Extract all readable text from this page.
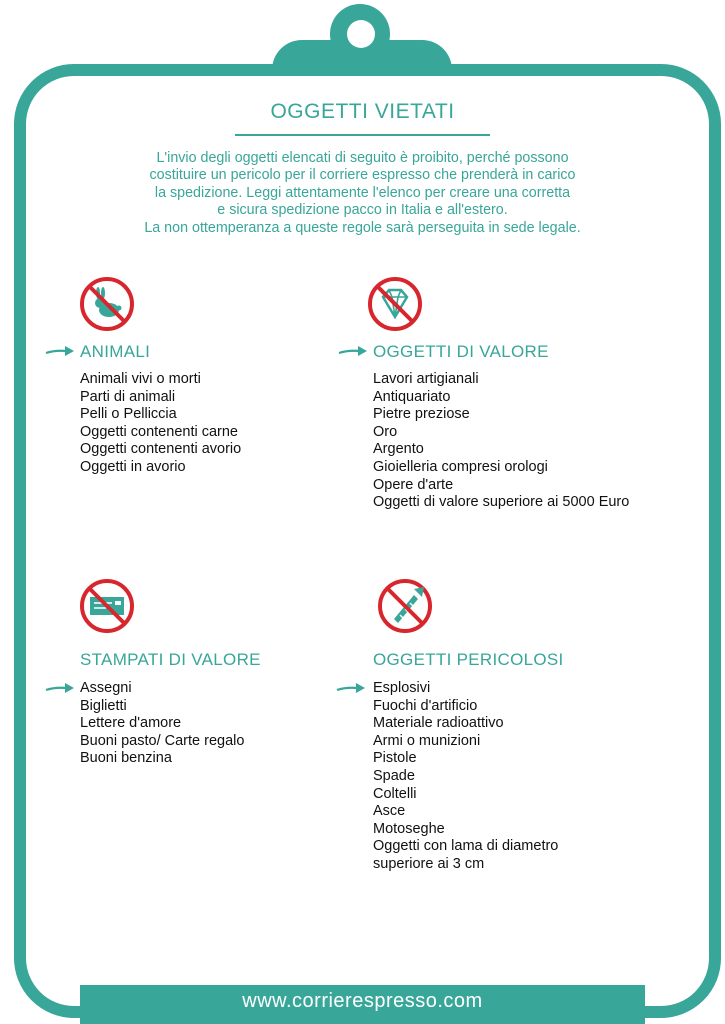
OGGETTI VIETATI
L'invio degli oggetti elencati di seguito è proibito, perché possono
costituire un pericolo per il corriere espresso che prenderà in carico
la spedizione. Leggi attentamente l'elenco per creare una corretta
e sicura spedizione pacco in Italia e all'estero.
La non ottemperanza a queste regole sarà perseguita in sede legale.
ANIMALI
Animali vivi o morti
Parti di animali
Pelli o Pelliccia
Oggetti contenenti carne
Oggetti contenenti avorio
Oggetti in avorio
OGGETTI DI VALORE
Lavori artigianali
Antiquariato
Pietre preziose
Oro
Argento
Gioielleria compresi orologi
Opere d'arte
Oggetti di valore superiore ai 5000 Euro
STAMPATI DI VALORE
Assegni
Biglietti
Lettere d'amore
Buoni pasto/ Carte regalo
Buoni benzina
OGGETTI PERICOLOSI
Esplosivi
Fuochi d'artificio
Materiale radioattivo
Armi o munizioni
Pistole
Spade
Coltelli
Asce
Motoseghe
Oggetti con lama di diametro
superiore ai 3 cm
www.corrierespresso.com
